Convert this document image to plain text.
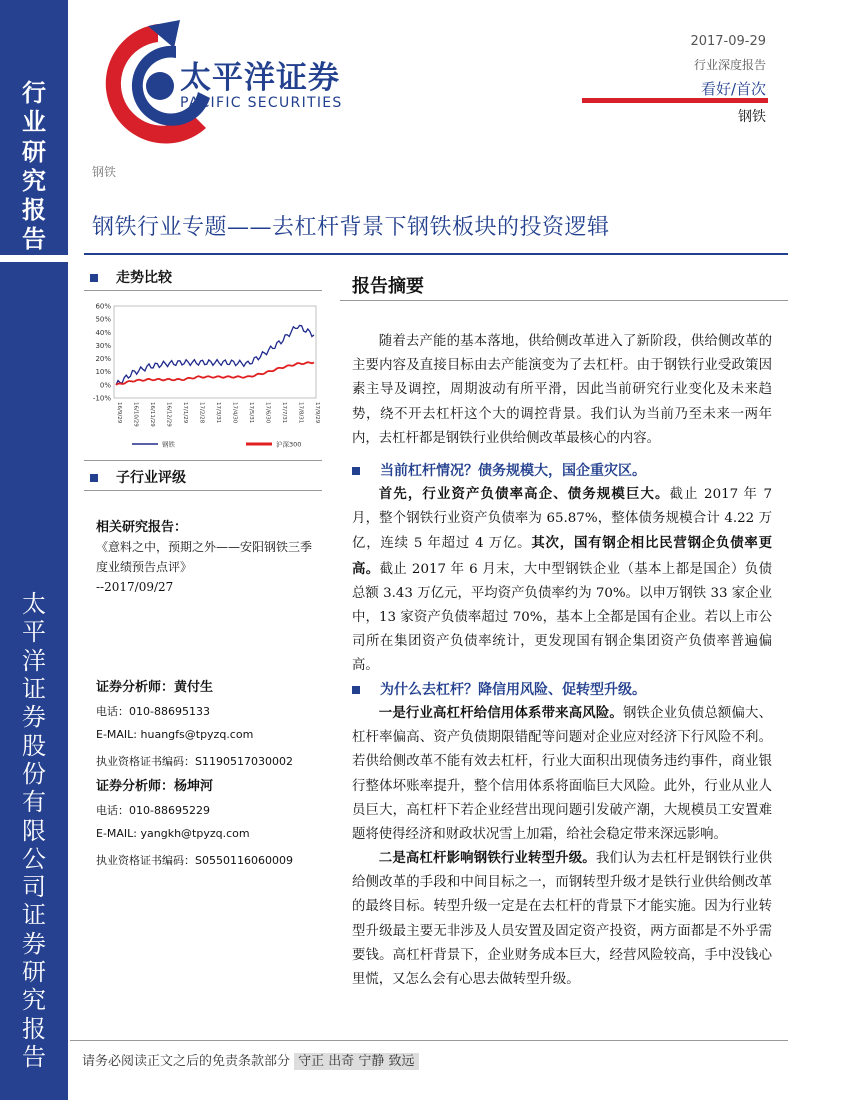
行
业
研
究
报
告
太
平
洋
证
券
股
份
有
限
公
司
证
券
研
究
报
告
太平洋证券
PACIFIC SECURITIES
2017-09-29
行业深度报告
看好/首次
钢铁
钢铁
钢铁行业专题——去杠杆背景下钢铁板块的投资逻辑
走势比较
60%
50%
40%
30%
20%
10%
0%
-10%
16/9/29 16/10/29 16/11/29 16/12/29 17/1/29 17/2/28 17/3/31 17/4/30 17/5/31 17/6/30 17/7/31 17/8/31 17/9/29
钢铁	沪深300
子行业评级
相关研究报告：
《意料之中，预期之外——安阳钢铁三季度业绩预告点评》
--2017/09/27
证券分析师：黄付生
电话：010-88695133
E-MAIL: huangfs@tpyzq.com
执业资格证书编码：S1190517030002
证券分析师：杨坤河
电话：010-88695229
E-MAIL: yangkh@tpyzq.com
执业资格证书编码：S0550116060009
报告摘要
随着去产能的基本落地，供给侧改革进入了新阶段，供给侧改革的主要内容及直接目标由去产能演变为了去杠杆。由于钢铁行业受政策因素主导及调控，周期波动有所平滑，因此当前研究行业变化及未来趋势，绕不开去杠杆这个大的调控背景。我们认为当前乃至未来一两年内，去杠杆都是钢铁行业供给侧改革最核心的内容。
当前杠杆情况？债务规模大，国企重灾区。
首先，行业资产负债率高企、债务规模巨大。截止 2017 年 7 月，整个钢铁行业资产负债率为 65.87%，整体债务规模合计 4.22 万亿，连续 5 年超过 4 万亿。其次，国有钢企相比民营钢企负债率更高。截止 2017 年 6 月末，大中型钢铁企业（基本上都是国企）负债总额 3.43 万亿元，平均资产负债率约为 70%。以申万钢铁 33 家企业中，13 家资产负债率超过 70%，基本上全都是国有企业。若以上市公司所在集团资产负债率统计，更发现国有钢企集团资产负债率普遍偏高。
为什么去杠杆？降信用风险、促转型升级。
一是行业高杠杆给信用体系带来高风险。钢铁企业负债总额偏大、杠杆率偏高、资产负债期限错配等问题对企业应对经济下行风险不利。若供给侧改革不能有效去杠杆，行业大面积出现债务违约事件，商业银行整体坏账率提升，整个信用体系将面临巨大风险。此外，行业从业人员巨大，高杠杆下若企业经营出现问题引发破产潮，大规模员工安置难题将使得经济和财政状况雪上加霜，给社会稳定带来深远影响。
二是高杠杆影响钢铁行业转型升级。我们认为去杠杆是钢铁行业供给侧改革的手段和中间目标之一，而钢转型升级才是铁行业供给侧改革的最终目标。转型升级一定是在去杠杆的背景下才能实施。因为行业转型升级最主要无非涉及人员安置及固定资产投资，两方面都是不外乎需要钱。高杠杆背景下，企业财务成本巨大，经营风险较高，手中没钱心里慌，又怎么会有心思去做转型升级。
请务必阅读正文之后的免责条款部分 守正 出奇 宁静 致远
